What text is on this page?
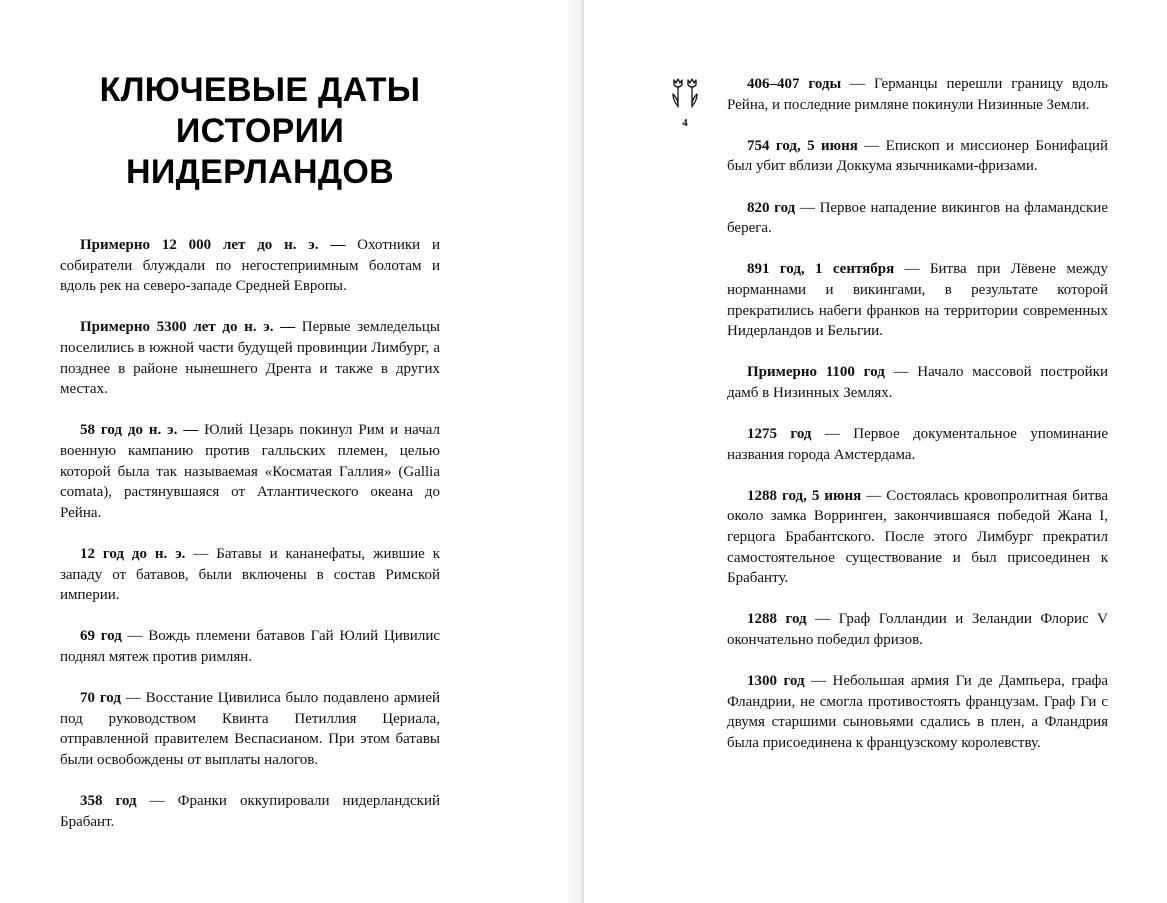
КЛЮЧЕВЫЕ ДАТЫ ИСТОРИИ НИДЕРЛАНДОВ

Примерно 12 000 лет до н. э. — Охотники и собиратели блуждали по негостеприимным болотам и вдоль рек на северо-западе Средней Европы.

Примерно 5300 лет до н. э. — Первые земледельцы поселились в южной части будущей провинции Лимбург, а позднее в районе нынешнего Дрента и также в других местах.

58 год до н. э. — Юлий Цезарь покинул Рим и начал военную кампанию против галльских племен, целью которой была так называемая «Косматая Галлия» (Gallia comata), растянувшаяся от Атлантического океана до Рейна.

12 год до н. э. — Батавы и кананефаты, жившие к западу от батавов, были включены в состав Римской империи.

69 год — Вождь племени батавов Гай Юлий Цивилис поднял мятеж против римлян.

70 год — Восстание Цивилиса было подавлено армией под руководством Квинта Петиллия Цериала, отправленной правителем Веспасианом. При этом батавы были освобождены от выплаты налогов.

358 год — Франки оккупировали нидерландский Брабант.

4

406–407 годы — Германцы перешли границу вдоль Рейна, и последние римляне покинули Низинные Земли.

754 год, 5 июня — Епископ и миссионер Бонифаций был убит вблизи Доккума язычниками-фризами.

820 год — Первое нападение викингов на фламандские берега.

891 год, 1 сентября — Битва при Лёвене между норманнами и викингами, в результате которой прекратились набеги франков на территории современных Нидерландов и Бельгии.

Примерно 1100 год — Начало массовой постройки дамб в Низинных Землях.

1275 год — Первое документальное упоминание названия города Амстердама.

1288 год, 5 июня — Состоялась кровопролитная битва около замка Ворринген, закончившаяся победой Жана I, герцога Брабантского. После этого Лимбург прекратил самостоятельное существование и был присоединен к Брабанту.

1288 год — Граф Голландии и Зеландии Флорис V окончательно победил фризов.

1300 год — Небольшая армия Ги де Дампьера, графа Фландрии, не смогла противостоять французам. Граф Ги с двумя старшими сыновьями сдались в плен, а Фландрия была присоединена к французскому королевству.
